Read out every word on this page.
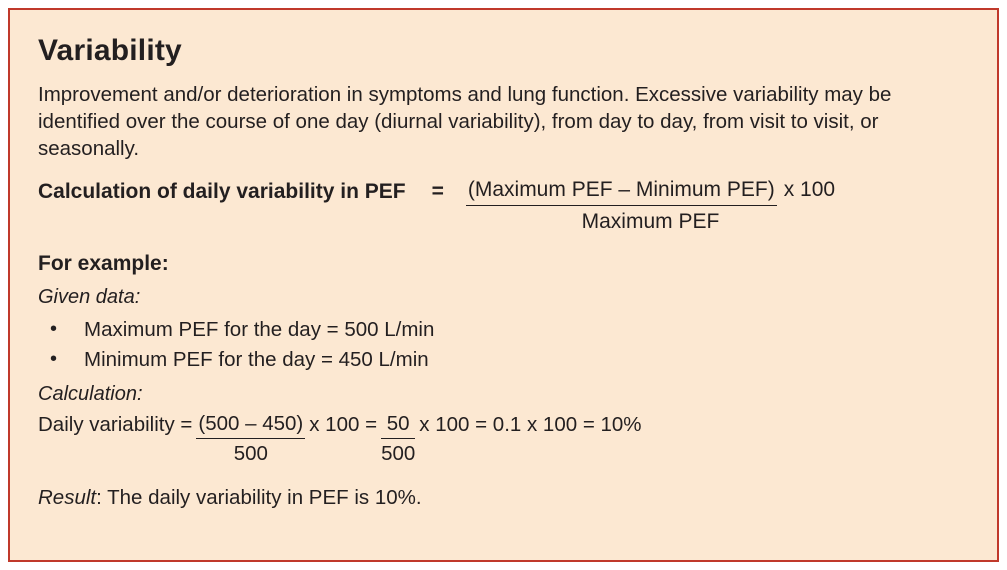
Variability

Improvement and/or deterioration in symptoms and lung function. Excessive variability may be identified over the course of one day (diurnal variability), from day to day, from visit to visit, or seasonally.

Calculation of daily variability in PEF	= (Maximum PEF – Minimum PEF) x 100
Maximum PEF
For example:
Given data:
• Maximum PEF for the day = 500 L/min
• Minimum PEF for the day = 450 L/min
Calculation:
Daily variability = $\frac{(500 - 450)}{500}$ x $100 = \frac{50}{500}$ x 100 = 0.1 x 100 = 10%
Result: The daily variability in PEF is 10%.
